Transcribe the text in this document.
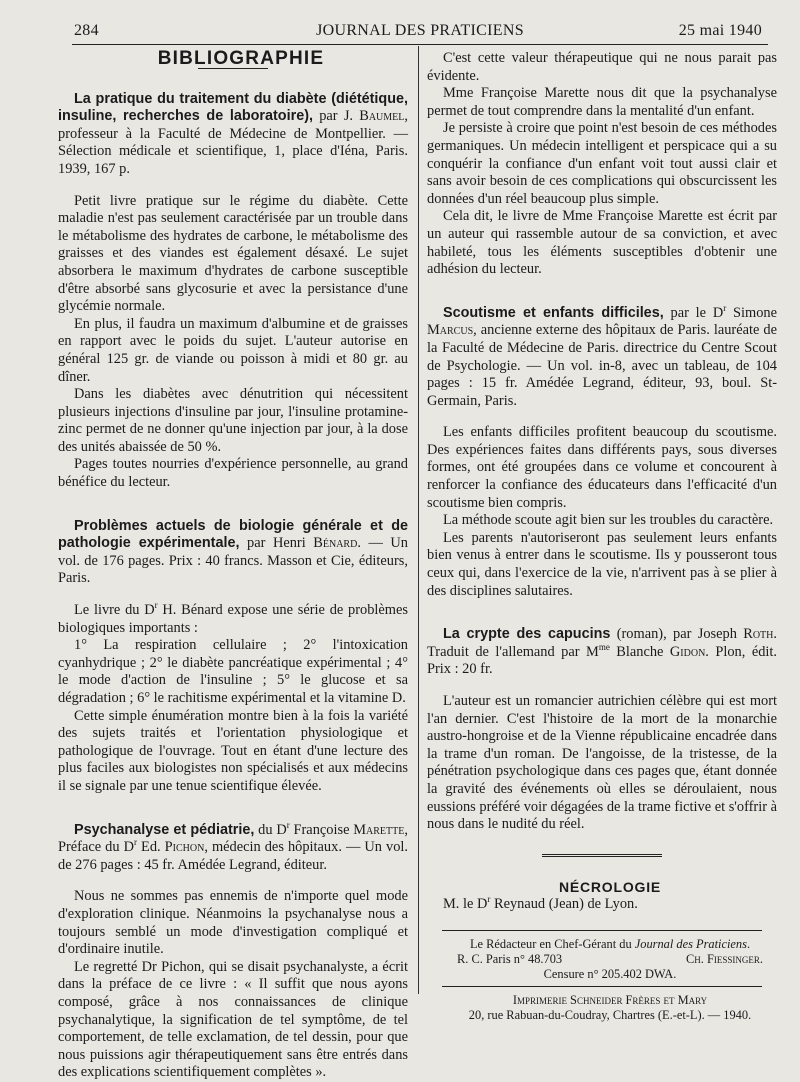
284	JOURNAL DES PRATICIENS	25 mai 1940

BIBLIOGRAPHIE

La pratique du traitement du diabète (diététique, insuline, recherches de laboratoire), par J. Baumel, professeur à la Faculté de Médecine de Montpellier. — Sélection médicale et scientifique, 1, place d'Iéna, Paris. 1939, 167 p.

Petit livre pratique sur le régime du diabète. Cette maladie n'est pas seulement caractérisée par un trouble dans le métabolisme des hydrates de carbone, le métabolisme des graisses et des viandes est également désaxé. Le sujet absorbera le maximum d'hydrates de carbone susceptible d'être absorbé sans glycosurie et avec la persistance d'une glycémie normale.

En plus, il faudra un maximum d'albumine et de graisses en rapport avec le poids du sujet. L'auteur autorise en général 125 gr. de viande ou poisson à midi et 80 gr. au dîner.

Dans les diabètes avec dénutrition qui nécessitent plusieurs injections d'insuline par jour, l'insuline protamine-zinc permet de ne donner qu'une injection par jour, à la dose des unités abaissée de 50 %.

Pages toutes nourries d'expérience personnelle, au grand bénéfice du lecteur.

Problèmes actuels de biologie générale et de pathologie expérimentale, par Henri Bénard. — Un vol. de 176 pages. Prix : 40 francs. Masson et Cie, éditeurs, Paris.

Le livre du $D^r$ H. Bénard expose une série de problèmes biologiques importants :

1° La respiration cellulaire ; 2° l'intoxication cyanhydrique ; 2° le diabète pancréatique expérimental ; 4° le mode d'action de l'insuline ; 5° le glucose et sa dégradation ; 6° le rachitisme expérimental et la vitamine D.

Cette simple énumération montre bien à la fois la variété des sujets traités et l'orientation physiologique et pathologique de l'ouvrage. Tout en étant d'une lecture des plus faciles aux biologistes non spécialisés et aux médecins il se signale par une tenue scientifique élevée.

Psychanalyse et pédiatrie, du $D^r$ Françoise Marette, Préface du $D^r$ Ed. Pichon, médecin des hôpitaux. — Un vol. de 276 pages : 45 fr. Amédée Legrand, éditeur.

Nous ne sommes pas ennemis de n'importe quel mode d'exploration clinique. Néanmoins la psychanalyse nous a toujours semblé un mode d'investigation compliqué et d'ordinaire inutile.

Le regretté Dr Pichon, qui se disait psychanalyste, a écrit dans la préface de ce livre : « Il suffit que nous ayons composé, grâce à nos connaissances de clinique psychanalytique, la signification de tel symptôme, de tel comportement, de telle exclamation, de tel dessin, pour que nous puissions agir thérapeutiquement sans être entrés dans des explications scientifiquement complètes ».

C'est cette valeur thérapeutique qui ne nous parait pas évidente.

Mme Françoise Marette nous dit que la psychanalyse permet de tout comprendre dans la mentalité d'un enfant.

Je persiste à croire que point n'est besoin de ces méthodes germaniques. Un médecin intelligent et perspicace qui a su conquérir la confiance d'un enfant voit tout aussi clair et sans avoir besoin de ces complications qui obscurcissent les données d'un réel beaucoup plus simple.

Cela dit, le livre de Mme Françoise Marette est écrit par un auteur qui rassemble autour de sa conviction, et avec habileté, tous les éléments susceptibles d'obtenir une adhésion du lecteur.

Scoutisme et enfants difficiles, par le $D^r$ Simone Marcus, ancienne externe des hôpitaux de Paris. lauréate de la Faculté de Médecine de Paris. directrice du Centre Scout de Psychologie. — Un vol. in-8, avec un tableau, de 104 pages : 15 fr. Amédée Legrand, éditeur, 93, boul. St-Germain, Paris.

Les enfants difficiles profitent beaucoup du scoutisme. Des expériences faites dans différents pays, sous diverses formes, ont été groupées dans ce volume et concourent à renforcer la confiance des éducateurs dans l'efficacité d'un scoutisme bien compris.

La méthode scoute agit bien sur les troubles du caractère.

Les parents n'autoriseront pas seulement leurs enfants bien venus à entrer dans le scoutisme. Ils y pousseront tous ceux qui, dans l'exercice de la vie, n'arrivent pas à se plier à des disciplines salutaires.

La crypte des capucins (roman), par Joseph Roth. Traduit de l'allemand par $M^{me}$ Blanche Gidon. Plon, édit. Prix : 20 fr.

L'auteur est un romancier autrichien célèbre qui est mort l'an dernier. C'est l'histoire de la mort de la monarchie austro-hongroise et de la Vienne républicaine encadrée dans la trame d'un roman. De l'angoisse, de la tristesse, de la pénétration psychologique dans ces pages que, étant donnée la gravité des événements où elles se déroulaient, nous eussions préféré voir dégagées de la trame fictive et s'offrir à nous dans le nudité du réel.

NÉCROLOGIE

M. le $D^r$ Reynaud (Jean) de Lyon.

Le Rédacteur en Chef-Gérant du Journal des Praticiens.

R. C. Paris n° 48.703	Ch. Fiessinger.

Censure n° 205.402 DWA.

Imprimerie Schneider Frères et Mary

20, rue Rabuan-du-Coudray, Chartres (E.-et-L). — 1940.
